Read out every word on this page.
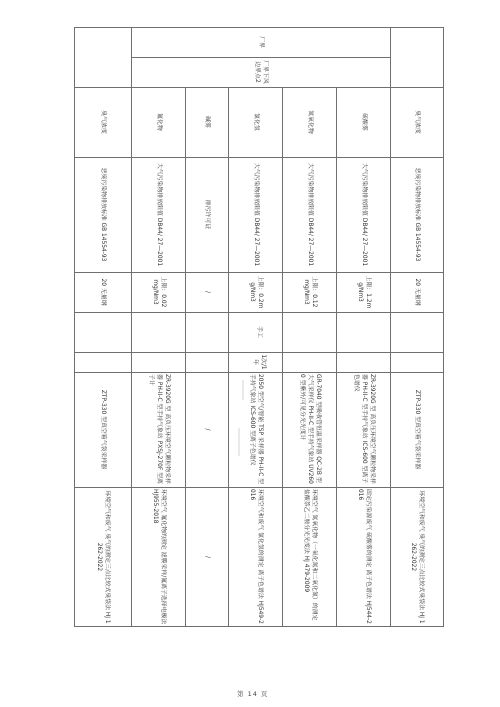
厂界
厂界下风边界点2
1次/1年
手工
臭气浓度
恶臭污染物排放标准 GB 14554-93
20 无量纲
ZTP-330 型真空箱气袋采样器
环境空气和废气 臭气的测定三点比较式臭袋法 HJ 1262-2022
硫酸雾
大气污染物排放限值 DB44/ 27—2001
上限：1.2mg/Nm3
ZR-3920G 型 高负压环境空气颗粒物采样器 PH-II-C 型手持气象站 ICS-600 型离子色谱仪
固定污染源废气 硫酸雾的测定 离子色谱法 HJ544-2016
氮氧化物
大气污染物排放限值 DB44/ 27—2001
上限：0.12mg/Nm3
GR-7040 型吸收管恒温采样器 QC-2B 型大气采样仪 PH-II-C 型手持气象站 UV2600 型紫外/可见分光光度计
环境空气 氮氧化物（一氧化氮和二氧化氮）的测定 盐酸萘乙二胺分光光度法 HJ 479-2009
氯化氢
大气污染物排放限值 DB44/ 27—2001
上限：0.2mg/Nm3
2050 型空气/智能 TSP 采样器 PH-II-C 型手持气象站 ICS-600 型离子色谱仪
环境空气和废气 氯化氢的测定 离子色谱法 HJ549-2016
碱雾
排污许可证
/
/
/
氟化物
大气污染物排放限值 DB44/ 27—2001
上限：0.02mg/Nm3
ZR-3920G 型 高负压环境空气颗粒物采样器 PH-II-C 型手持气象站 PXSJ-270F 型离子计
环境空气 氟化物的测定 滤膜采样/氟离子选择电极法 HJ955-2018
臭气浓度
恶臭污染物排放标准 GB 14554-93
20 无量纲
ZTP-330 型真空箱气袋采样器
环境空气和废气 臭气的测定三点比较式臭袋法 HJ 1262-2022
第 14 页
